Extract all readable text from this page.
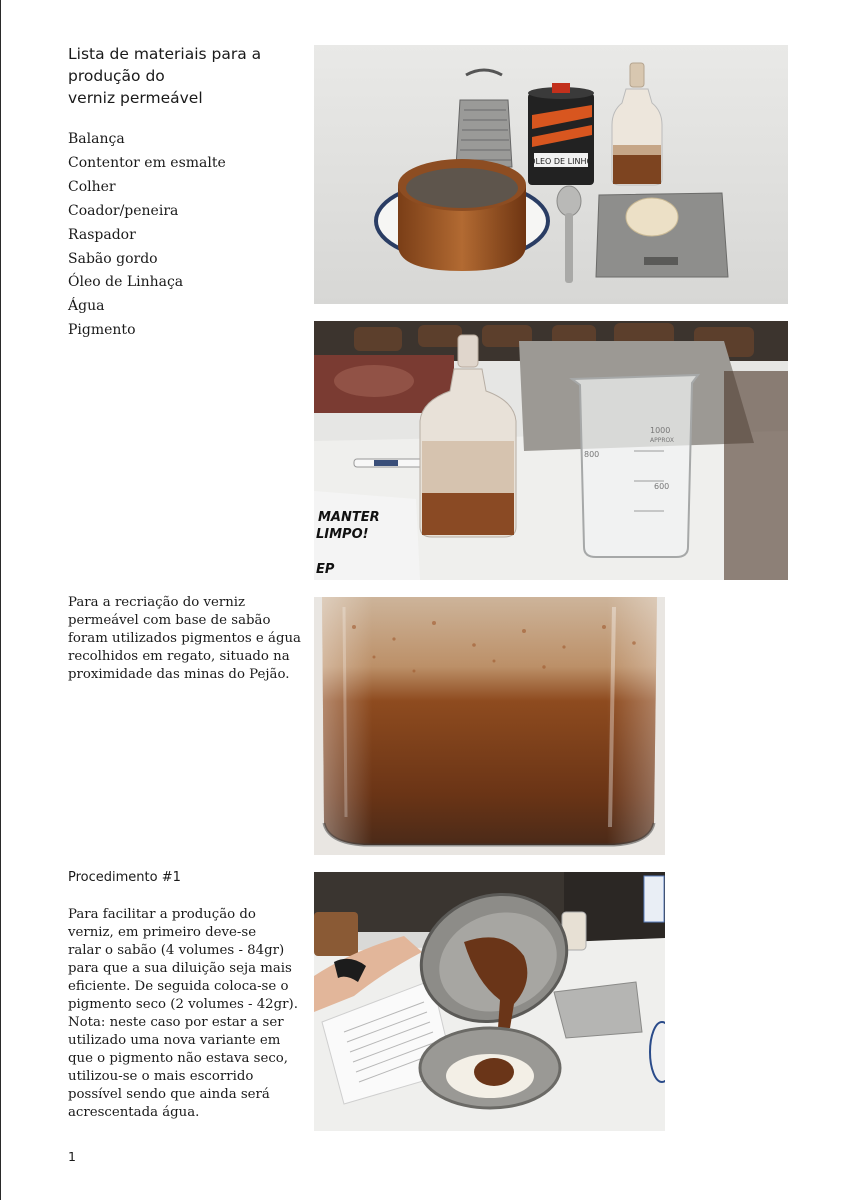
Lista de materiais para a
produção do
verniz permeável
Balança
Contentor em esmalte
Colher
Coador/peneira
Raspador
Sabão gordo
Óleo de Linhaça
Água
Pigmento
Para a recriação do verniz
permeável com base de sabão
foram utilizados pigmentos e água
recolhidos em regato, situado na
proximidade das minas do Pejão.
Procedimento #1
Para facilitar a produção do
verniz, em primeiro deve-se
ralar o sabão (4 volumes - 84gr)
para que a sua diluição seja mais
eficiente. De seguida coloca-se o
pigmento seco (2 volumes - 42gr).
Nota: neste caso por estar a ser
utilizado uma nova variante em
que o pigmento não estava seco,
utilizou-se o mais escorrido
possível sendo que ainda será
acrescentada água.
1
ÓLEO DE LINHO
MANTER
LIMPO!
EP
1000
APPROX
800
600
